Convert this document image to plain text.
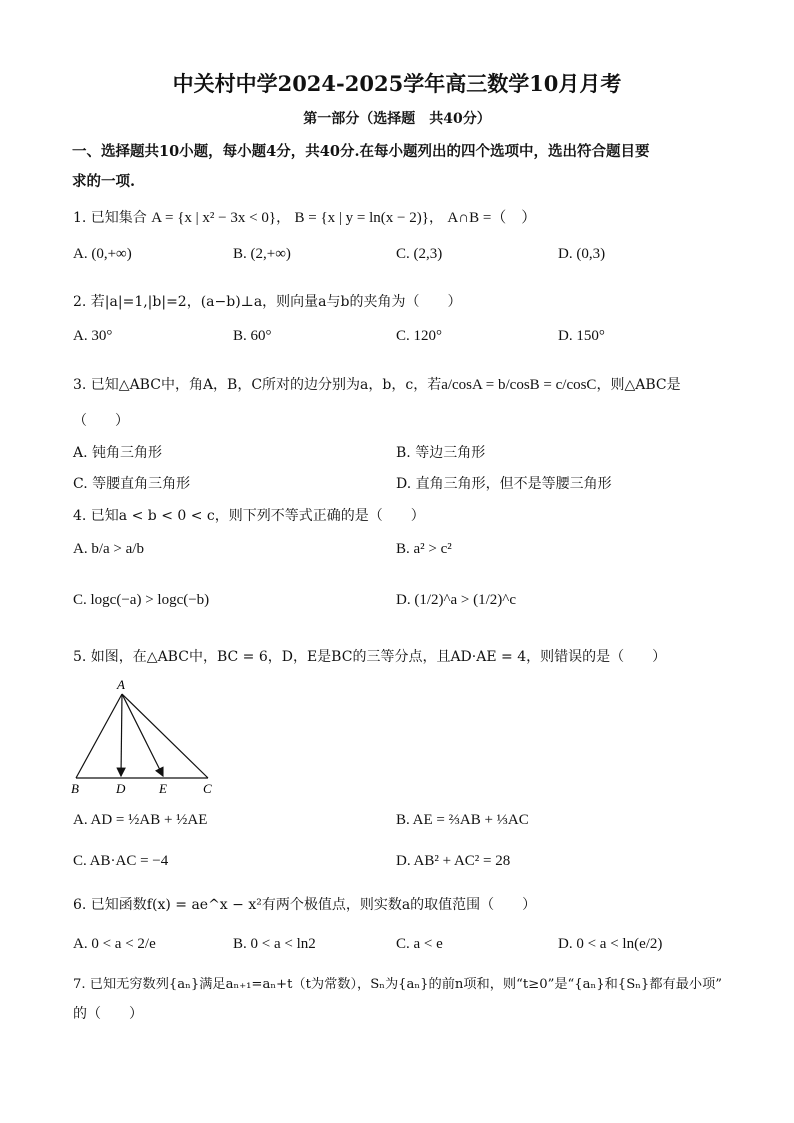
中关村中学2024-2025学年高三数学10月月考
第一部分（选择题　共40分）
一、选择题共10小题，每小题4分，共40分.在每小题列出的四个选项中，选出符合题目要
求的一项.
1. 已知集合 A = {x | x² − 3x < 0}， B = {x | y = ln(x − 2)}， A∩B =（　）
A. (0,+∞)	B. (2,+∞)	C. (2,3)	D. (0,3)
2. 若|a|=1,|b|=2，(a−b)⊥a，则向量a与b的夹角为（　　）
A. 30°	B. 60°	C. 120°	D. 150°
3. 已知△ABC中，角A，B，C所对的边分别为a，b，c，若a/cosA = b/cosB = c/cosC，则△ABC是
（　　）
A. 钝角三角形	B. 等边三角形
C. 等腰直角三角形	D. 直角三角形，但不是等腰三角形
4. 已知a < b < 0 < c，则下列不等式正确的是（　　）
A. b/a > a/b	B. a² > c²
C. logc(−a) > logc(−b)	D. (1/2)^a > (1/2)^c
5. 如图，在△ABC中，BC = 6，D，E是BC的三等分点，且AD·AE = 4，则错误的是（　　）
A
B	D	E	C
A. AD = ½AB + ½AE	B. AE = ⅔AB + ⅓AC
C. AB·AC = −4	D. AB² + AC² = 28
6. 已知函数f(x) = ae^x − x²有两个极值点，则实数a的取值范围（　　）
A. 0 < a < 2/e	B. 0 < a < ln2	C. a < e	D. 0 < a < ln(e/2)
7. 已知无穷数列{aₙ}满足aₙ₊₁=aₙ+t（t为常数），Sₙ为{aₙ}的前n项和，则“t≥0”是“{aₙ}和{Sₙ}都有最小项”
的（　　）
